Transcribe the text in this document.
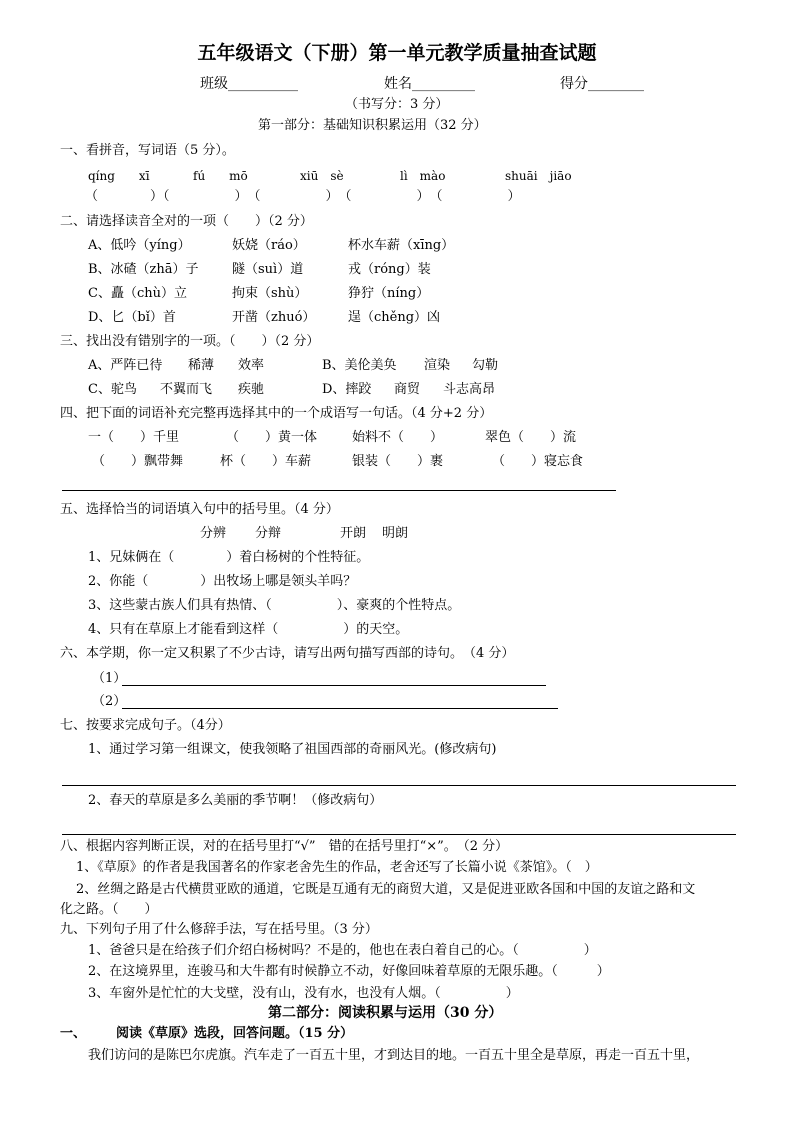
五年级语文（下册）第一单元教学质量抽查试题
班级__________	姓名_________	得分________
（书写分：3 分）
第一部分：基础知识积累运用（32 分）
一、看拼音，写词语（5 分）。
qíng　　xī	fú　　mō	xiū　sè	lì　mào	shuāi　jiāo
（　　　　）（　　　　　）　（　　　　　）　（　　　　　）　（　　　　　）
二、请选择读音全对的一项（　　）（2 分）
A、低吟（yíng）	妖娆（ráo）	杯水车薪（xīng）
B、冰碴（zhā）子	隧（suì）道	戎（róng）装
C、矗（chù）立	拘束（shù）	狰狞（níng）
D、匕（bǐ）首	开凿（zhuó）	逞（chěng）凶
三、找出没有错别字的一项。（　　）（2 分）
A、严阵已待 稀薄 效率	B、美伦美奂 渲染 勾勒
C、驼鸟 不翼而飞 疾驰	D、摔跤 商贸 斗志高昂
四、把下面的词语补充完整再选择其中的一个成语写一句话。（4 分+2 分）
一（　　）千里	（　　）黄一体	始料不（　　）	翠色（　　）流
（　　）飘带舞	杯（　　）车薪	银装（　　）裹	（　　）寝忘食
五、选择恰当的词语填入句中的括号里。（4 分）
分辨 分辩	开朗 明朗
1、兄妹俩在（　　　　）着白杨树的个性特征。
2、你能（　　　　）出牧场上哪是领头羊吗？
3、这些蒙古族人们具有热情、（　　　　　）、豪爽的个性特点。
4、只有在草原上才能看到这样（　　　　　）的天空。
六、本学期，你一定又积累了不少古诗，请写出两句描写西部的诗句。　（4 分）
（1）
（2）
七、按要求完成句子。（4分）
1、通过学习第一组课文，使我领略了祖国西部的奇丽风光。(修改病句)
2、春天的草原是多么美丽的季节啊！（修改病句）
八、根据内容判断正误，对的在括号里打“√”　错的在括号里打“×”。　（2 分）
1、《草原》的作者是我国著名的作家老舍先生的作品，老舍还写了长篇小说《茶馆》。（　）
2、丝绸之路是古代横贯亚欧的通道，它既是互通有无的商贸大道，又是促进亚欧各国和中国的友谊之路和文
化之路。（　　）
九、下列句子用了什么修辞手法，写在括号里。（3 分）
1、爸爸只是在给孩子们介绍白杨树吗？不是的，他也在表白着自己的心。（　　　　　）
2、在这境界里，连骏马和大牛都有时候静立不动，好像回味着草原的无限乐趣。（　　　）
3、车窗外是忙忙的大戈壁，没有山，没有水，也没有人烟。（　　　　　）
第二部分：阅读积累与运用（30 分）
一、 阅读《草原》选段，回答问题。（15 分）
我们访问的是陈巴尔虎旗。汽车走了一百五十里，才到达目的地。一百五十里全是草原，再走一百五十里，
